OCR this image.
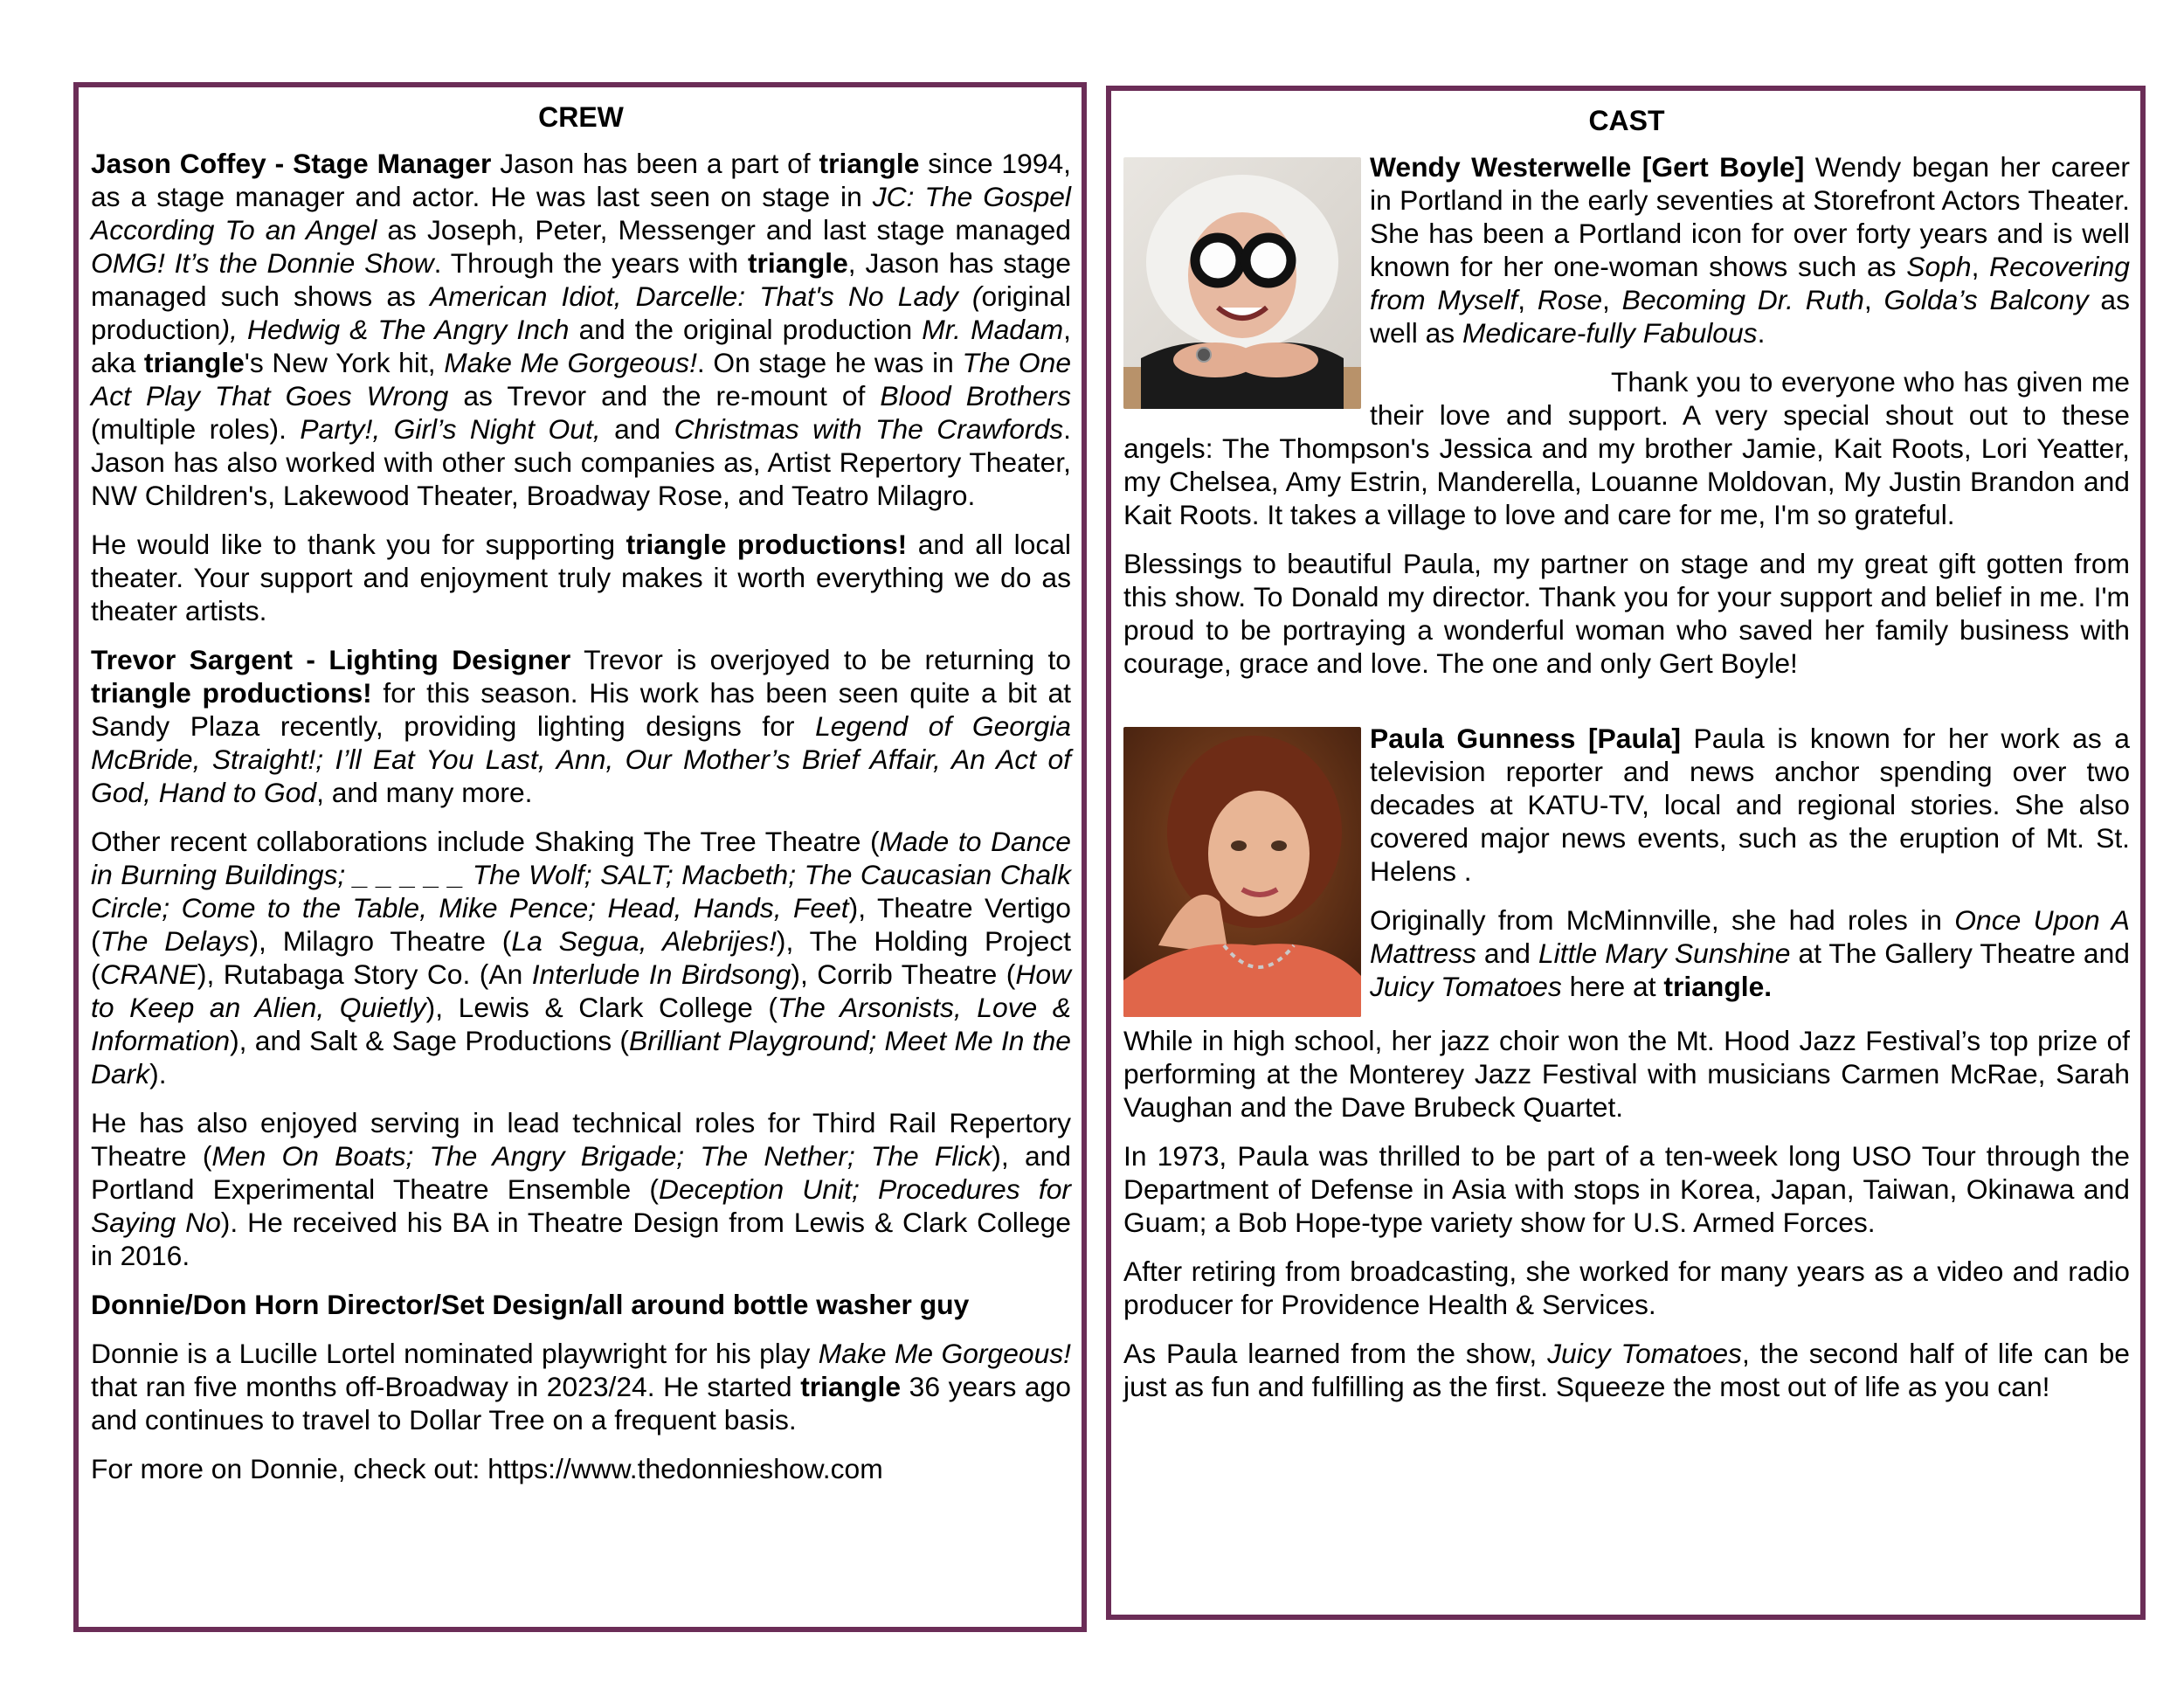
CREW

Jason Coffey - Stage Manager Jason has been a part of triangle since 1994, as a stage manager and actor. He was last seen on stage in JC: The Gospel According To an Angel as Joseph, Peter, Messenger and last stage managed OMG! It’s the Donnie Show. Through the years with triangle, Jason has stage managed such shows as American Idiot, Darcelle: That's No Lady (original production), Hedwig & The Angry Inch and the original production Mr. Madam, aka triangle's New York hit, Make Me Gorgeous!. On stage he was in The One Act Play That Goes Wrong as Trevor and the re-mount of Blood Brothers (multiple roles). Party!, Girl’s Night Out, and Christmas with The Crawfords. Jason has also worked with other such companies as, Artist Repertory Theater, NW Children's, Lakewood Theater, Broadway Rose, and Teatro Milagro.

He would like to thank you for supporting triangle productions! and all local theater. Your support and enjoyment truly makes it worth everything we do as theater artists.

Trevor Sargent - Lighting Designer Trevor is overjoyed to be returning to triangle productions! for this season. His work has been seen quite a bit at Sandy Plaza recently, providing lighting designs for Legend of Georgia McBride, Straight!; I’ll Eat You Last, Ann, Our Mother’s Brief Affair, An Act of God, Hand to God, and many more.

Other recent collaborations include Shaking The Tree Theatre (Made to Dance in Burning Buildings; _ _ _ _ _ The Wolf; SALT; Macbeth; The Caucasian Chalk Circle; Come to the Table, Mike Pence; Head, Hands, Feet), Theatre Vertigo (The Delays), Milagro Theatre (La Segua, Alebrijes!), The Holding Project (CRANE), Rutabaga Story Co. (An Interlude In Birdsong), Corrib Theatre (How to Keep an Alien, Quietly), Lewis & Clark College (The Arsonists, Love & Information), and Salt & Sage Productions (Brilliant Playground; Meet Me In the Dark).

He has also enjoyed serving in lead technical roles for Third Rail Repertory Theatre (Men On Boats; The Angry Brigade; The Nether; The Flick), and Portland Experimental Theatre Ensemble (Deception Unit; Procedures for Saying No). He received his BA in Theatre Design from Lewis & Clark College in 2016.

Donnie/Don Horn Director/Set Design/all around bottle washer guy

Donnie is a Lucille Lortel nominated playwright for his play Make Me Gorgeous! that ran five months off-Broadway in 2023/24. He started triangle 36 years ago and continues to travel to Dollar Tree on a frequent basis.

For more on Donnie, check out: https://www.thedonnieshow.com

CAST

Wendy Westerwelle [Gert Boyle] Wendy began her career in Portland in the early seventies at Storefront Actors Theater. She has been a Portland icon for over forty years and is well known for her one-woman shows such as Soph, Recovering from Myself, Rose, Becoming Dr. Ruth, Golda’s Balcony as well as Medicare-fully Fabulous.

Thank you to everyone who has given me their love and support. A very special shout out to these angels: The Thompson's Jessica and my brother Jamie, Kait Roots, Lori Yeatter, my Chelsea, Amy Estrin, Manderella, Louanne Moldovan, My Justin Brandon and Kait Roots. It takes a village to love and care for me, I'm so grateful.

Blessings to beautiful Paula, my partner on stage and my great gift gotten from this show. To Donald my director. Thank you for your support and belief in me. I'm proud to be portraying a wonderful woman who saved her family business with courage, grace and love. The one and only Gert Boyle!

Paula Gunness [Paula] Paula is known for her work as a television reporter and news anchor spending over two decades at KATU-TV, local and regional stories. She also covered major news events, such as the eruption of Mt. St. Helens .

Originally from McMinnville, she had roles in Once Upon A Mattress and Little Mary Sunshine at The Gallery Theatre and Juicy Tomatoes here at triangle.

While in high school, her jazz choir won the Mt. Hood Jazz Festival’s top prize of performing at the Monterey Jazz Festival with musicians Carmen McRae, Sarah Vaughan and the Dave Brubeck Quartet.

In 1973, Paula was thrilled to be part of a ten-week long USO Tour through the Department of Defense in Asia with stops in Korea, Japan, Taiwan, Okinawa and Guam; a Bob Hope-type variety show for U.S. Armed Forces.

After retiring from broadcasting, she worked for many years as a video and radio producer for Providence Health & Services.

As Paula learned from the show, Juicy Tomatoes, the second half of life can be just as fun and fulfilling as the first. Squeeze the most out of life as you can!
